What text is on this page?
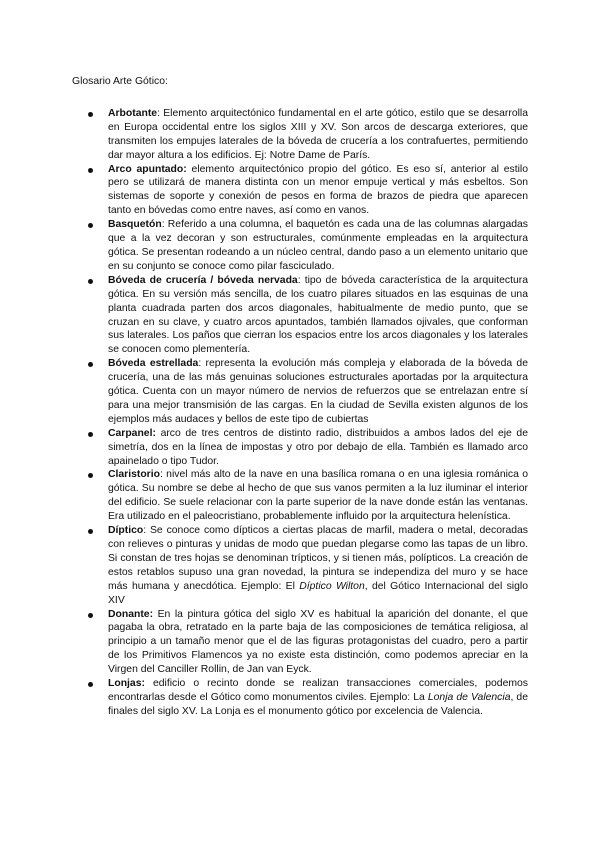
Glosario Arte Gótico:

Arbotante: Elemento arquitectónico fundamental en el arte gótico, estilo que se desarrolla en Europa occidental entre los siglos XIII y XV. Son arcos de descarga exteriores, que transmiten los empujes laterales de la bóveda de crucería a los contrafuertes, permitiendo dar mayor altura a los edificios. Ej: Notre Dame de París.
Arco apuntado: elemento arquitectónico propio del gótico. Es eso sí, anterior al estilo pero se utilizará de manera distinta con un menor empuje vertical y más esbeltos. Son sistemas de soporte y conexión de pesos en forma de brazos de piedra que aparecen tanto en bóvedas como entre naves, así como en vanos.
Basquetón: Referido a una columna, el baquetón es cada una de las columnas alargadas que a la vez decoran y son estructurales, comúnmente empleadas en la arquitectura gótica. Se presentan rodeando a un núcleo central, dando paso a un elemento unitario que en su conjunto se conoce como pilar fasciculado.
Bóveda de crucería / bóveda nervada: tipo de bóveda característica de la arquitectura gótica. En su versión más sencilla, de los cuatro pilares situados en las esquinas de una planta cuadrada parten dos arcos diagonales, habitualmente de medio punto, que se cruzan en su clave, y cuatro arcos apuntados, también llamados ojivales, que conforman sus laterales. Los paños que cierran los espacios entre los arcos diagonales y los laterales se conocen como plementería.
Bóveda estrellada: representa la evolución más compleja y elaborada de la bóveda de crucería, una de las más genuinas soluciones estructurales aportadas por la arquitectura gótica. Cuenta con un mayor número de nervios de refuerzos que se entrelazan entre sí para una mejor transmisión de las cargas. En la ciudad de Sevilla existen algunos de los ejemplos más audaces y bellos de este tipo de cubiertas
Carpanel: arco de tres centros de distinto radio, distribuidos a ambos lados del eje de simetría, dos en la línea de impostas y otro por debajo de ella. También es llamado arco apainelado o tipo Tudor.
Claristorio: nivel más alto de la nave en una basílica romana o en una iglesia románica o gótica. Su nombre se debe al hecho de que sus vanos permiten a la luz iluminar el interior del edificio. Se suele relacionar con la parte superior de la nave donde están las ventanas. Era utilizado en el paleocristiano, probablemente influido por la arquitectura helenística.
Díptico: Se conoce como dípticos a ciertas placas de marfil, madera o metal, decoradas con relieves o pinturas y unidas de modo que puedan plegarse como las tapas de un libro. Si constan de tres hojas se denominan trípticos, y si tienen más, polípticos. La creación de estos retablos supuso una gran novedad, la pintura se independiza del muro y se hace más humana y anecdótica. Ejemplo: El Díptico Wilton, del Gótico Internacional del siglo XIV
Donante: En la pintura gótica del siglo XV es habitual la aparición del donante, el que pagaba la obra, retratado en la parte baja de las composiciones de temática religiosa, al principio a un tamaño menor que el de las figuras protagonistas del cuadro, pero a partir de los Primitivos Flamencos ya no existe esta distinción, como podemos apreciar en la Virgen del Canciller Rollin, de Jan van Eyck.
Lonjas: edificio o recinto donde se realizan transacciones comerciales, podemos encontrarlas desde el Gótico como monumentos civiles. Ejemplo: La Lonja de Valencia, de finales del siglo XV. La Lonja es el monumento gótico por excelencia de Valencia.
